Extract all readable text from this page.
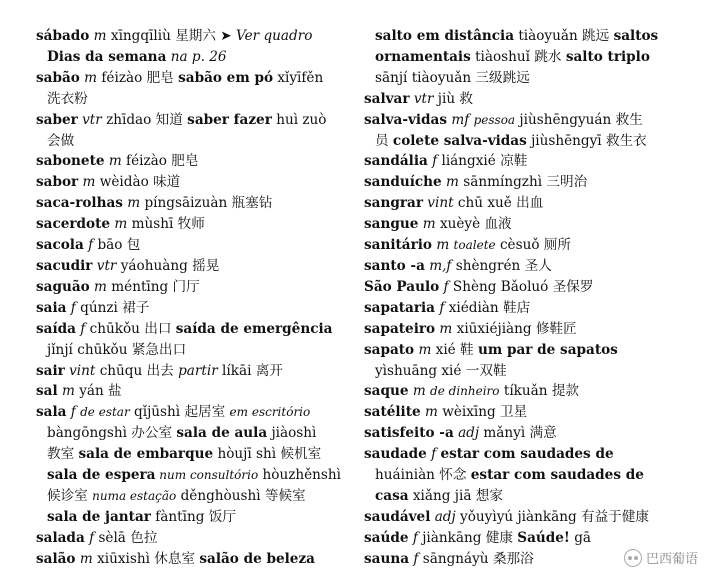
sábado m xīngqīliù 星期六 ➤ Ver quadro
Dias da semana na p. 26
sabão m féizào 肥皂 sabão em pó xǐyīfěn
洗衣粉
saber vtr zhīdao 知道 saber fazer huì zuò
会做
sabonete m féizào 肥皂
sabor m wèidào 味道
saca-rolhas m píngsāizuàn 瓶塞钻
sacerdote m mùshī 牧师
sacola f bāo 包
sacudir vtr yáohuàng 摇晃
saguão m méntīng 门厅
saia f qúnzi 裙子
saída f chūkǒu 出口 saída de emergência
jǐnjí chūkǒu 紧急出口
sair vint chūqu 出去 partir líkāi 离开
sal m yán 盐
sala f de estar qǐjūshì 起居室 em escritório
bàngōngshì 办公室 sala de aula jiàoshì
教室 sala de embarque hòujī shì 候机室
sala de espera num consultório hòuzhěnshì
候诊室 numa estação děnghòushì 等候室
sala de jantar fàntīng 饭厅
salada f sèlā 色拉
salão m xiūxishì 休息室 salão de beleza
salto em distância tiàoyuǎn 跳远 saltos
ornamentais tiàoshuǐ 跳水 salto triplo
sānjí tiàoyuǎn 三级跳远
salvar vtr jiù 救
salva-vidas mf pessoa jiùshēngyuán 救生
员 colete salva-vidas jiùshēngyī 救生衣
sandália f liángxié 凉鞋
sanduíche m sānmíngzhì 三明治
sangrar vint chū xuě 出血
sangue m xuèyè 血液
sanitário m toalete cèsuǒ 厕所
santo -a m,f shèngrén 圣人
São Paulo f Shèng Bǎoluó 圣保罗
sapataria f xiédiàn 鞋店
sapateiro m xiūxiéjiàng 修鞋匠
sapato m xié 鞋 um par de sapatos
yìshuāng xié 一双鞋
saque m de dinheiro tíkuǎn 提款
satélite m wèixīng 卫星
satisfeito -a adj mǎnyì 满意
saudade f estar com saudades de
huáiniàn 怀念 estar com saudades de
casa xiǎng jiā 想家
saudável adj yǒuyìyú jiànkāng 有益于健康
saúde f jiànkāng 健康 Saúde! gā
sauna f sāngnáyù 桑那浴	巴西葡语
